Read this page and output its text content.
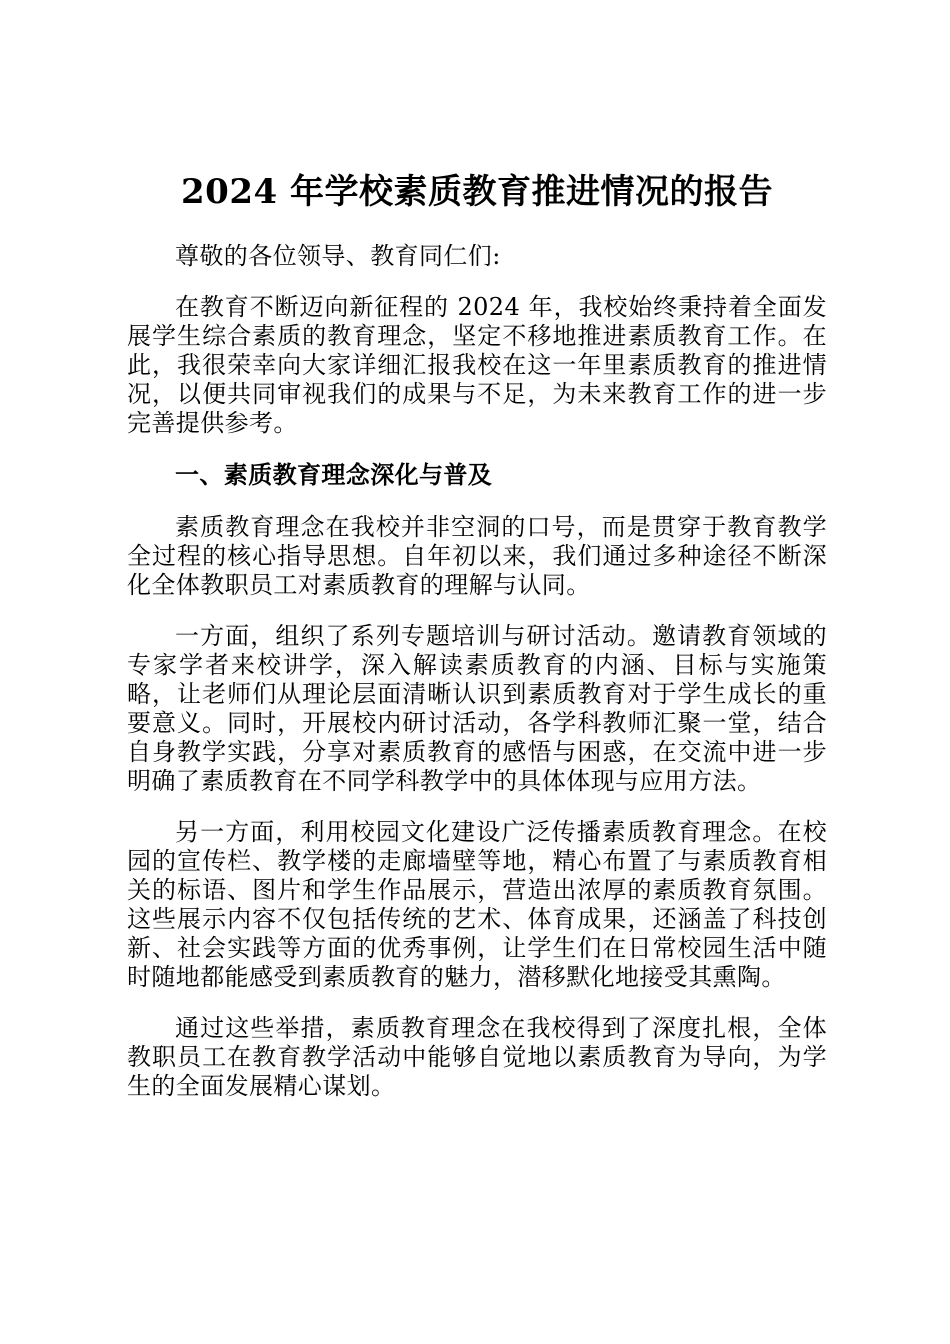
2024 年学校素质教育推进情况的报告

尊敬的各位领导、教育同仁们:

在教育不断迈向新征程的 2024 年，我校始终秉持着全面发展学生综合素质的教育理念，坚定不移地推进素质教育工作。在此，我很荣幸向大家详细汇报我校在这一年里素质教育的推进情况，以便共同审视我们的成果与不足，为未来教育工作的进一步完善提供参考。

一、素质教育理念深化与普及

素质教育理念在我校并非空洞的口号，而是贯穿于教育教学全过程的核心指导思想。自年初以来，我们通过多种途径不断深化全体教职员工对素质教育的理解与认同。

一方面，组织了系列专题培训与研讨活动。邀请教育领域的专家学者来校讲学，深入解读素质教育的内涵、目标与实施策略，让老师们从理论层面清晰认识到素质教育对于学生成长的重要意义。同时，开展校内研讨活动，各学科教师汇聚一堂，结合自身教学实践，分享对素质教育的感悟与困惑，在交流中进一步明确了素质教育在不同学科教学中的具体体现与应用方法。

另一方面，利用校园文化建设广泛传播素质教育理念。在校园的宣传栏、教学楼的走廊墙壁等地，精心布置了与素质教育相关的标语、图片和学生作品展示，营造出浓厚的素质教育氛围。这些展示内容不仅包括传统的艺术、体育成果，还涵盖了科技创新、社会实践等方面的优秀事例，让学生们在日常校园生活中随时随地都能感受到素质教育的魅力，潜移默化地接受其熏陶。

通过这些举措，素质教育理念在我校得到了深度扎根，全体教职员工在教育教学活动中能够自觉地以素质教育为导向，为学生的全面发展精心谋划。
